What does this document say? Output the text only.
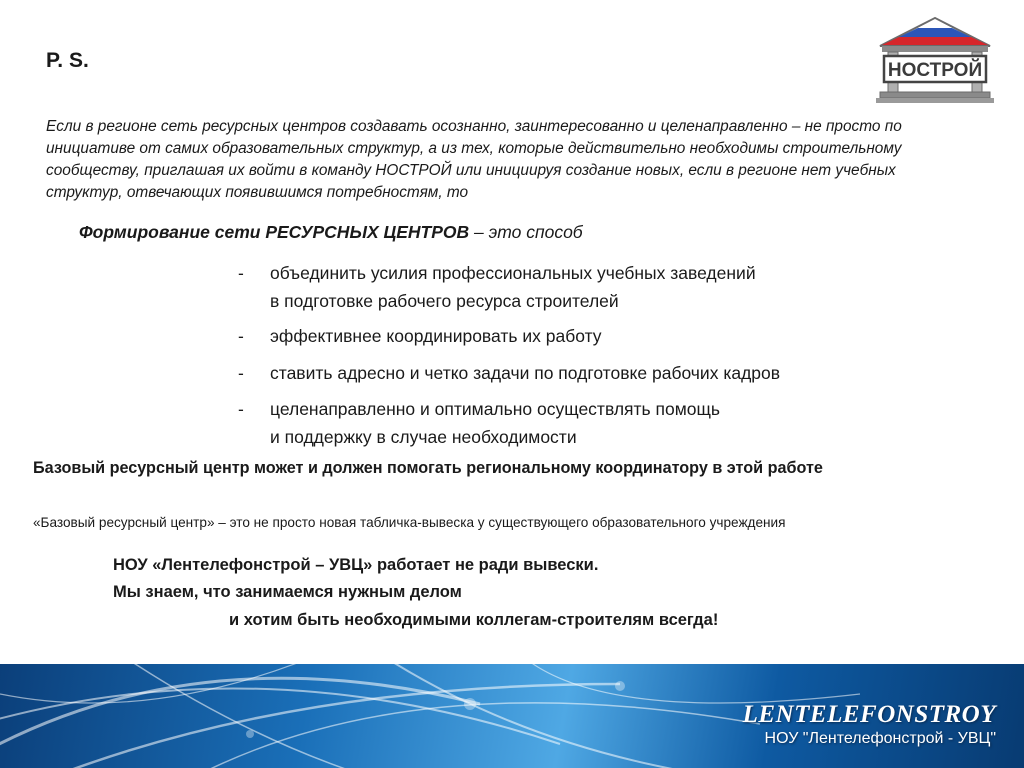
P. S.
Если в регионе сеть ресурсных центров создавать осознанно, заинтересованно и целенаправленно – не просто по инициативе от самих образовательных структур, а из тех, которые действительно необходимы строительному сообществу, приглашая их войти в команду НОСТРОЙ или инициируя создание новых, если в регионе нет учебных структур, отвечающих появившимся потребностям, то
Формирование сети РЕСУРСНЫХ ЦЕНТРОВ – это способ
- объединить усилия профессиональных учебных заведений
в подготовке рабочего ресурса строителей
- эффективнее координировать их работу
- ставить адресно и четко задачи по подготовке рабочих кадров
- целенаправленно и оптимально осуществлять помощь
и поддержку в случае необходимости
Базовый ресурсный центр может и должен помогать региональному координатору в этой работе
«Базовый ресурсный центр» – это не просто новая табличка-вывеска у существующего образовательного учреждения
НОУ «Лентелефонстрой – УВЦ» работает не ради вывески.
Мы знаем, что занимаемся нужным делом
и хотим быть необходимыми коллегам-строителям всегда!
НОСТРОЙ
LENTELEFONSTROY
НОУ "Лентелефонстрой - УВЦ"
